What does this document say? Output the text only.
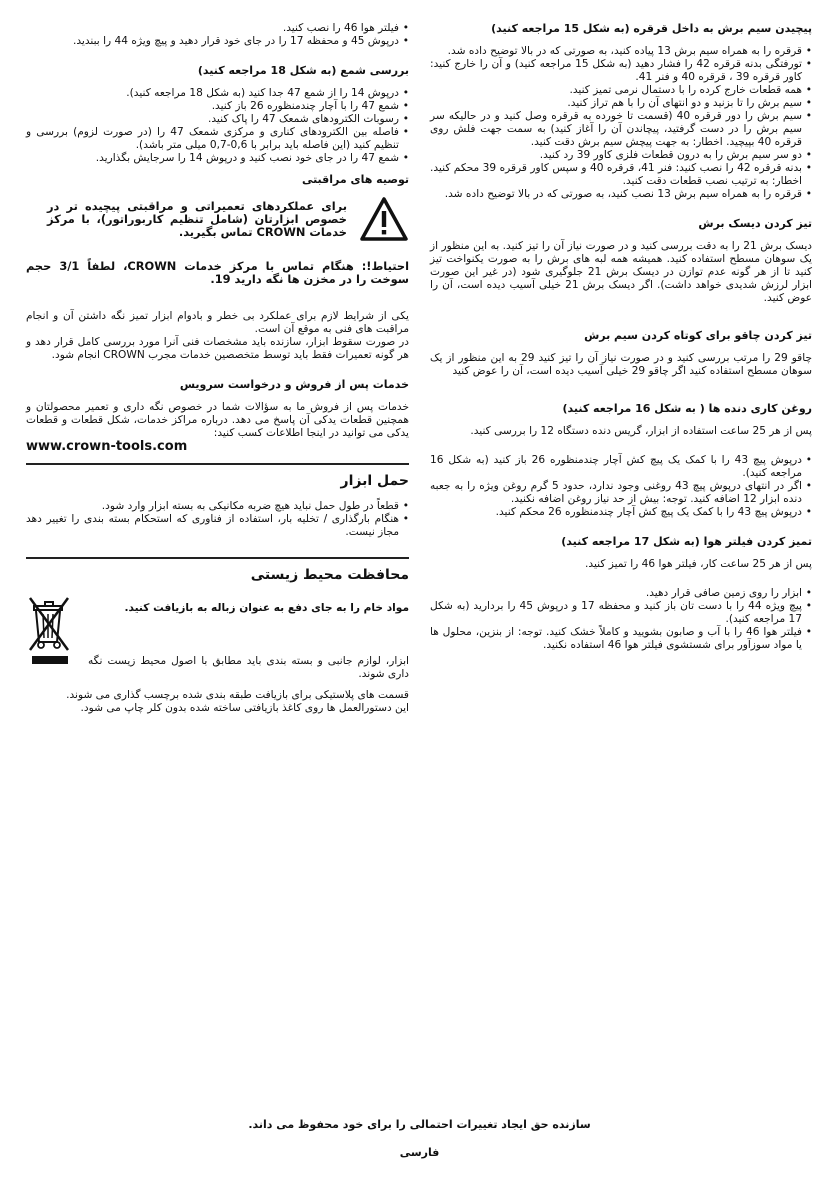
پیچیدن سیم برش به داخل قرقره (به شکل 15 مراجعه کنید)
• قرقره را به همراه سیم برش 13 پیاده کنید، به صورتی که در بالا توضیح داده شد.
• تورفتگی بدنه قرقره 42 را فشار دهید (به شکل 15 مراجعه کنید) و آن را خارج کنید: کاور قرقره 39 ، قرقره 40 و فنر 41.
• همه قطعات خارج کرده را با دستمال نرمی تمیز کنید.
• سیم برش را تا بزنید و دو انتهای آن را با هم تراز کنید.
• سیم برش را دور قرقره 40 (قسمت تا خورده به قرقره وصل کنید و در حالیکه سر سیم برش را در دست گرفتید، پیچاندن آن را آغاز کنید) به سمت جهت فلش روی قرقره 40 بپیچید. اخطار: به جهت پیچش سیم برش دقت کنید.
• دو سر سیم برش را به درون قطعات فلزی کاور 39 رد کنید.
• بدنه قرقره 42 را نصب کنید: فنر 41، قرقره 40 و سپس کاور قرقره 39 محکم کنید. اخطار: به ترتیب نصب قطعات دقت کنید.
• قرقره را به همراه سیم برش 13 نصب کنید، به صورتی که در بالا توضیح داده شد.
تیز کردن دیسک برش
دیسک برش 21 را به دقت بررسی کنید و در صورت نیاز آن را تیز کنید. به این منظور از یک سوهان مسطح استفاده کنید. همیشه همه لبه های برش را به صورت یکنواخت تیز کنید تا از هر گونه عدم توازن در دیسک برش 21 جلوگیری شود (در غیر این صورت ابزار لرزش شدیدی خواهد داشت). اگر دیسک برش 21 خیلی آسیب دیده است، آن را عوض کنید.
تیز کردن چاقو برای کوتاه کردن سیم برش
چاقو 29 را مرتب بررسی کنید و در صورت نیاز آن را تیز کنید 29 به این منظور از یک سوهان مسطح استفاده کنید اگر چاقو 29 خیلی آسیب دیده است، آن را عوض کنید
روغن کاری دنده ها ( به شکل 16 مراجعه کنید)
پس از هر 25 ساعت استفاده از ابزار، گریس دنده دستگاه 12 را بررسی کنید.
• درپوش پیچ 43 را با کمک یک پیچ کش آچار چندمنظوره 26 باز کنید (به شکل 16 مراجعه کنید).
• اگر در انتهای درپوش پیچ 43 روغنی وجود ندارد، حدود 5 گرم روغن ویژه را به جعبه دنده ابزار 12 اضافه کنید. توجه: بیش از حد نیاز روغن اضافه نکنید.
• درپوش پیچ 43 را با کمک یک پیچ کش آچار چندمنظوره 26 محکم کنید.
تمیز کردن فیلتر هوا (به شکل 17 مراجعه کنید)
پس از هر 25 ساعت کار، فیلتر هوا 46 را تمیز کنید.
• ابزار را روی زمین صافی قرار دهید.
• پیچ ویژه 44 را با دست تان باز کنید و محفظه 17 و درپوش 45 را بردارید (به شکل 17 مراجعه کنید).
• فیلتر هوا 46 را با آب و صابون بشویید و کاملاً خشک کنید. توجه: از بنزین، محلول ها یا مواد سوزآور برای شستشوی فیلتر هوا 46 استفاده نکنید.
• فیلتر هوا 46 را نصب کنید.
• درپوش 45 و محفظه 17 را در جای خود قرار دهید و پیچ ویژه 44 را ببندید.
بررسی شمع (به شکل 18 مراجعه کنید)
• درپوش 14 را از شمع 47 جدا کنید (به شکل 18 مراجعه کنید).
• شمع 47 را با آچار چندمنظوره 26 باز کنید.
• رسوبات الکترودهای شمعک 47 را پاک کنید.
• فاصله بین الکترودهای کناری و مرکزی شمعک 47 را (در صورت لزوم) بررسی و تنظیم کنید (این فاصله باید برابر با 0,6-0,7 میلی متر باشد).
• شمع 47 را در جای خود نصب کنید و درپوش 14 را سرجایش بگذارید.
توصیه های مراقبتی
برای عملکردهای تعمیراتی و مراقبتی پیچیده تر در خصوص ابزارتان (شامل تنظیم کاربوراتور)، با مرکز خدمات CROWN تماس بگیرید.
احتیاط!: هنگام تماس با مرکز خدمات CROWN، لطفاً 3/1 حجم سوخت را در مخزن ها نگه دارید 19.
یکی از شرایط لازم برای عملکرد بی خطر و بادوام ابزار تمیز نگه داشتن آن و انجام مراقبت های فنی به موقع آن است.
در صورت سقوط ابزار، سازنده باید مشخصات فنی آنرا مورد بررسی کامل قرار دهد و هر گونه تعمیرات فقط باید توسط متخصصین خدمات مجرب CROWN انجام شود.
خدمات پس از فروش و درخواست سرویس
خدمات پس از فروش ما به سؤالات شما در خصوص نگه داری و تعمیر محصولتان و همچنین قطعات یدکی آن پاسخ می دهد. درباره مراکز خدمات، شکل قطعات و قطعات یدکی می توانید در اینجا اطلاعات کسب کنید:
www.crown-tools.com
حمل ابزار
• قطعاً در طول حمل نباید هیچ ضربه مکانیکی به بسته ابزار وارد شود.
• هنگام بارگذاری / تخلیه بار، استفاده از فناوری که استحکام بسته بندی را تغییر دهد مجاز نیست.
محافظت محیط زیستی
مواد خام را به جای دفع به عنوان زباله به بازیافت کنید.
ابزار، لوازم جانبی و بسته بندی باید مطابق با اصول محیط زیست نگه داری شوند.
قسمت های پلاستیکی برای بازیافت طبقه بندی شده برچسب گذاری می شوند.
این دستورالعمل ها روی کاغذ بازیافتی ساخته شده بدون کلر چاپ می شود.
سازنده حق ایجاد تغییرات احتمالی را برای خود محفوظ می داند.
فارسی
